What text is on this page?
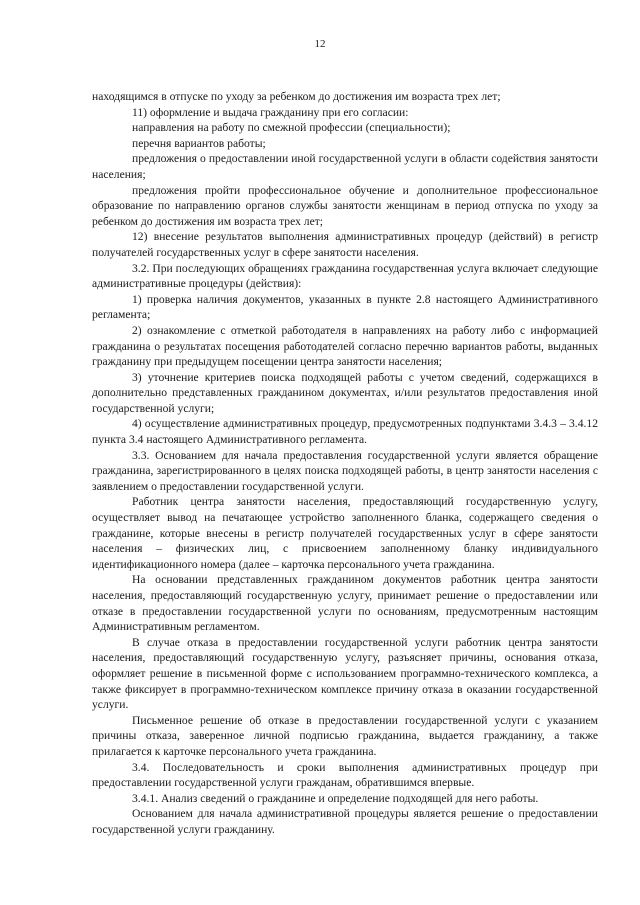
12

находящимся в отпуске по уходу за ребенком до достижения им возраста трех лет;

11) оформление и выдача гражданину при его согласии:

направления на работу по смежной профессии (специальности);

перечня вариантов работы;

предложения о предоставлении иной государственной услуги в области содействия занятости населения;

предложения пройти профессиональное обучение и дополнительное профессиональное образование по направлению органов службы занятости женщинам в период отпуска по уходу за ребенком до достижения им возраста трех лет;

12) внесение результатов выполнения административных процедур (действий) в регистр получателей государственных услуг в сфере занятости населения.

3.2. При последующих обращениях гражданина государственная услуга включает следующие административные процедуры (действия):

1) проверка наличия документов, указанных в пункте 2.8 настоящего Административного регламента;

2) ознакомление с отметкой работодателя в направлениях на работу либо с информацией гражданина о результатах посещения работодателей согласно перечню вариантов работы, выданных гражданину при предыдущем посещении центра занятости населения;

3) уточнение критериев поиска подходящей работы с учетом сведений, содержащихся в дополнительно представленных гражданином документах, и/или результатов предоставления иной государственной услуги;

4) осуществление административных процедур, предусмотренных подпунктами 3.4.3 – 3.4.12 пункта 3.4 настоящего Административного регламента.

3.3. Основанием для начала предоставления государственной услуги является обращение гражданина, зарегистрированного в целях поиска подходящей работы, в центр занятости населения с заявлением о предоставлении государственной услуги.

Работник центра занятости населения, предоставляющий государственную услугу, осуществляет вывод на печатающее устройство заполненного бланка, содержащего сведения о гражданине, которые внесены в регистр получателей государственных услуг в сфере занятости населения – физических лиц, с присвоением заполненному бланку индивидуального идентификационного номера (далее – карточка персонального учета гражданина.

На основании представленных гражданином документов работник центра занятости населения, предоставляющий государственную услугу, принимает решение о предоставлении или отказе в предоставлении государственной услуги по основаниям, предусмотренным настоящим Административным регламентом.

В случае отказа в предоставлении государственной услуги работник центра занятости населения, предоставляющий государственную услугу, разъясняет причины, основания отказа, оформляет решение в письменной форме с использованием программно-технического комплекса, а также фиксирует в программно-техническом комплексе причину отказа в оказании государственной услуги.

Письменное решение об отказе в предоставлении государственной услуги с указанием причины отказа, заверенное личной подписью гражданина, выдается гражданину, а также прилагается к карточке персонального учета гражданина.

3.4. Последовательность и сроки выполнения административных процедур при предоставлении государственной услуги гражданам, обратившимся впервые.

3.4.1. Анализ сведений о гражданине и определение подходящей для него работы.

Основанием для начала административной процедуры является решение о предоставлении государственной услуги гражданину.
